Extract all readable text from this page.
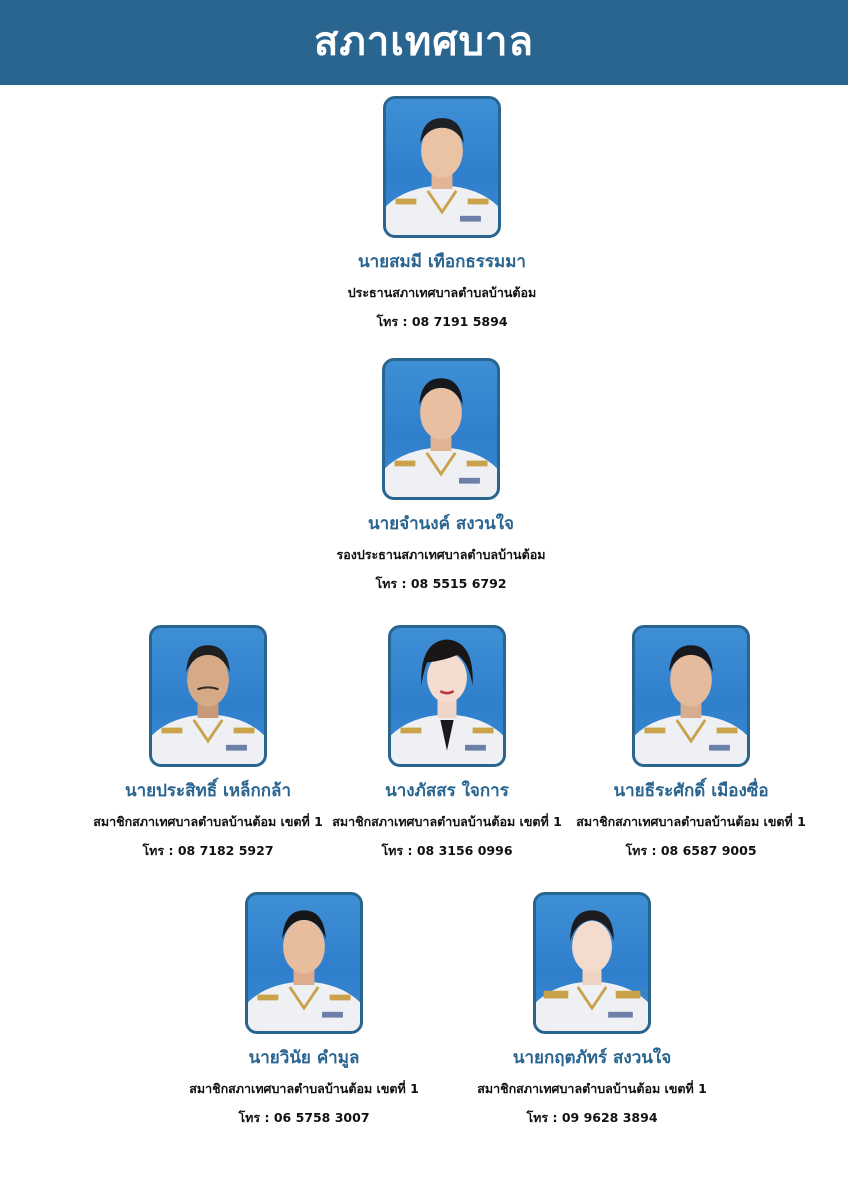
สภาเทศบาล
นายสมมี เทือกธรรมมา
ประธานสภาเทศบาลตำบลบ้านต้อม
โทร : 08 7191 5894
นายจำนงค์ สงวนใจ
รองประธานสภาเทศบาลตำบลบ้านต้อม
โทร : 08 5515 6792
นายประสิทธิ์ เหล็กกล้า
สมาชิกสภาเทศบาลตำบลบ้านต้อม เขตที่ 1
โทร : 08 7182 5927
นางภัสสร ใจการ
สมาชิกสภาเทศบาลตำบลบ้านต้อม เขตที่ 1
โทร : 08 3156 0996
นายธีระศักดิ์ เมืองซื่อ
สมาชิกสภาเทศบาลตำบลบ้านต้อม เขตที่ 1
โทร : 08 6587 9005
นายวินัย คำมูล
สมาชิกสภาเทศบาลตำบลบ้านต้อม เขตที่ 1
โทร : 06 5758 3007
นายกฤตภัทร์ สงวนใจ
สมาชิกสภาเทศบาลตำบลบ้านต้อม เขตที่ 1
โทร : 09 9628 3894
